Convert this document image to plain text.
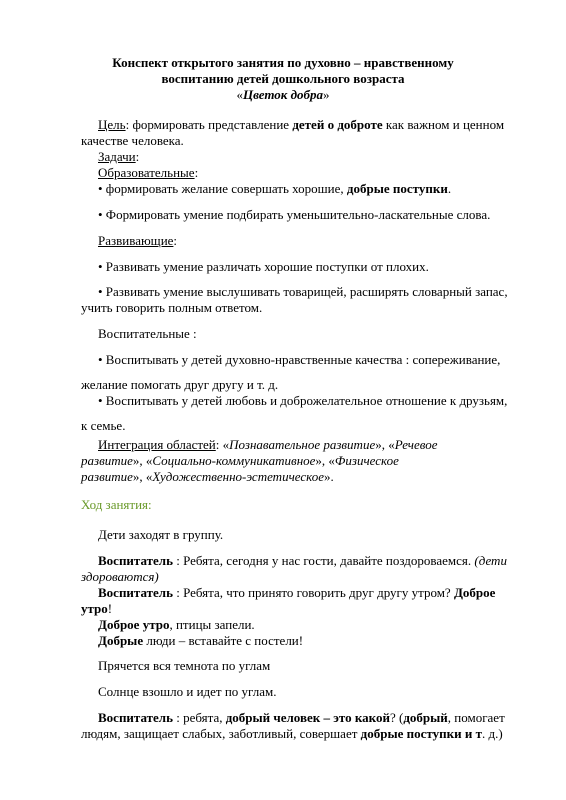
Конспект открытого занятия по духовно – нравственному
воспитанию детей дошкольного возраста
«Цветок добра»
Цель: формировать представление детей о доброте как важном и ценном
качестве человека.
Задачи:
Образовательные:
• формировать желание совершать хорошие, добрые поступки.
• Формировать умение подбирать уменьшительно-ласкательные слова.
Развивающие:
• Развивать умение различать хорошие поступки от плохих.
• Развивать умение выслушивать товарищей, расширять словарный запас,
учить говорить полным ответом.
Воспитательные :
• Воспитывать у детей духовно-нравственные качества : сопереживание,
желание помогать друг другу и т. д.
• Воспитывать у детей любовь и доброжелательное отношение к друзьям,
к семье.
Интеграция областей: «Познавательное развитие», «Речевое
развитие», «Социально-коммуникативное», «Физическое
развитие», «Художественно-эстетическое».
Ход занятия:
Дети заходят в группу.
Воспитатель : Ребята, сегодня у нас гости, давайте поздороваемся. (дети
здороваются)
Воспитатель : Ребята, что принято говорить друг другу утром? Доброе
утро!
Доброе утро, птицы запели.
Добрые люди – вставайте с постели!
Прячется вся темнота по углам
Солнце взошло и идет по углам.
Воспитатель : ребята, добрый человек – это какой? (добрый, помогает
людям, защищает слабых, заботливый, совершает добрые поступки и т. д.)
